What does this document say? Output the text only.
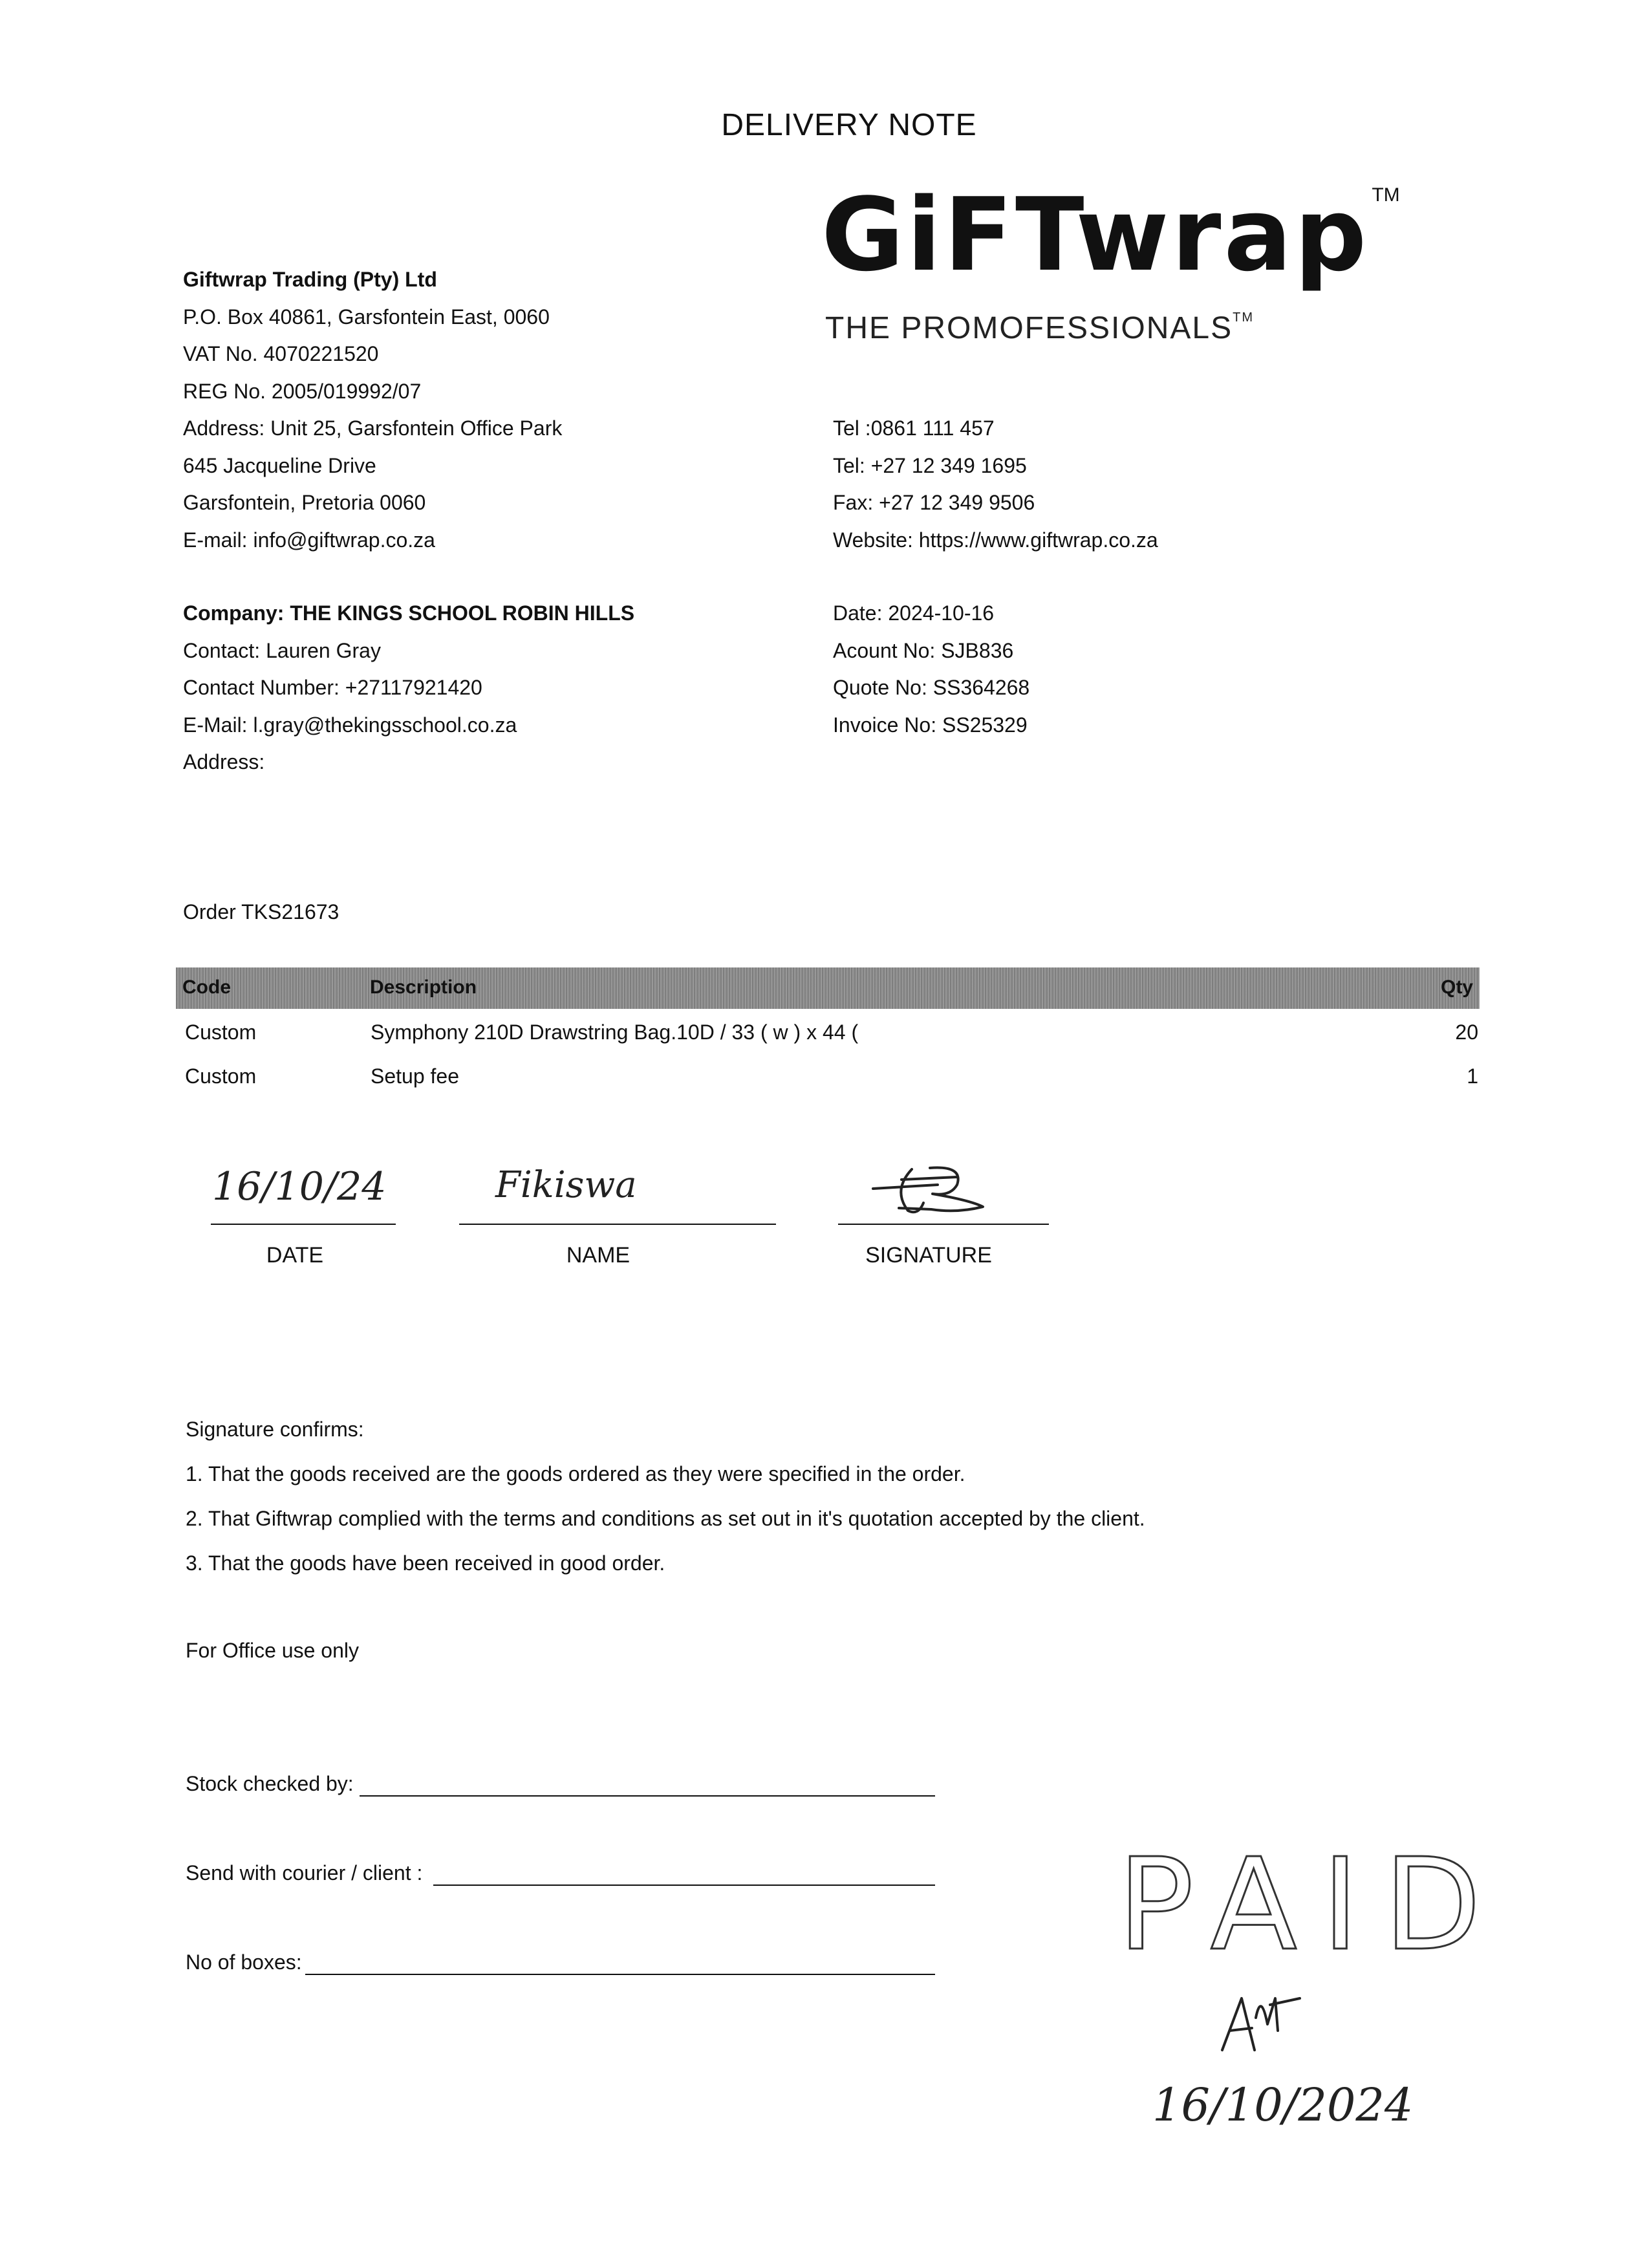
DELIVERY NOTE
GiFTwrap TM
THE PROMOFESSIONALS™
Giftwrap Trading (Pty) Ltd
P.O. Box 40861, Garsfontein East, 0060
VAT No. 4070221520
REG No. 2005/019992/07
Address: Unit 25, Garsfontein Office Park
645 Jacqueline Drive
Garsfontein, Pretoria 0060
E-mail: info@giftwrap.co.za
Tel :0861 111 457
Tel: +27 12 349 1695
Fax: +27 12 349 9506
Website: https://www.giftwrap.co.za
Company: THE KINGS SCHOOL ROBIN HILLS
Contact: Lauren Gray
Contact Number: +27117921420
E-Mail: l.gray@thekingsschool.co.za
Address:
Date: 2024-10-16
Acount No: SJB836
Quote No: SS364268
Invoice No: SS25329
Order TKS21673
Code	Description	Qty
Custom	Symphony 210D Drawstring Bag.10D / 33 ( w ) x 44 (	20
Custom	Setup fee	1
16/10/24
DATE
Fikiswa
NAME	SIGNATURE
Signature confirms:
1. That the goods received are the goods ordered as they were specified in the order.
2. That Giftwrap complied with the terms and conditions as set out in it's quotation accepted by the client.
3. That the goods have been received in good order.
For Office use only
Stock checked by:
Send with courier / client :
No of boxes:	PAID
16/10/2024
